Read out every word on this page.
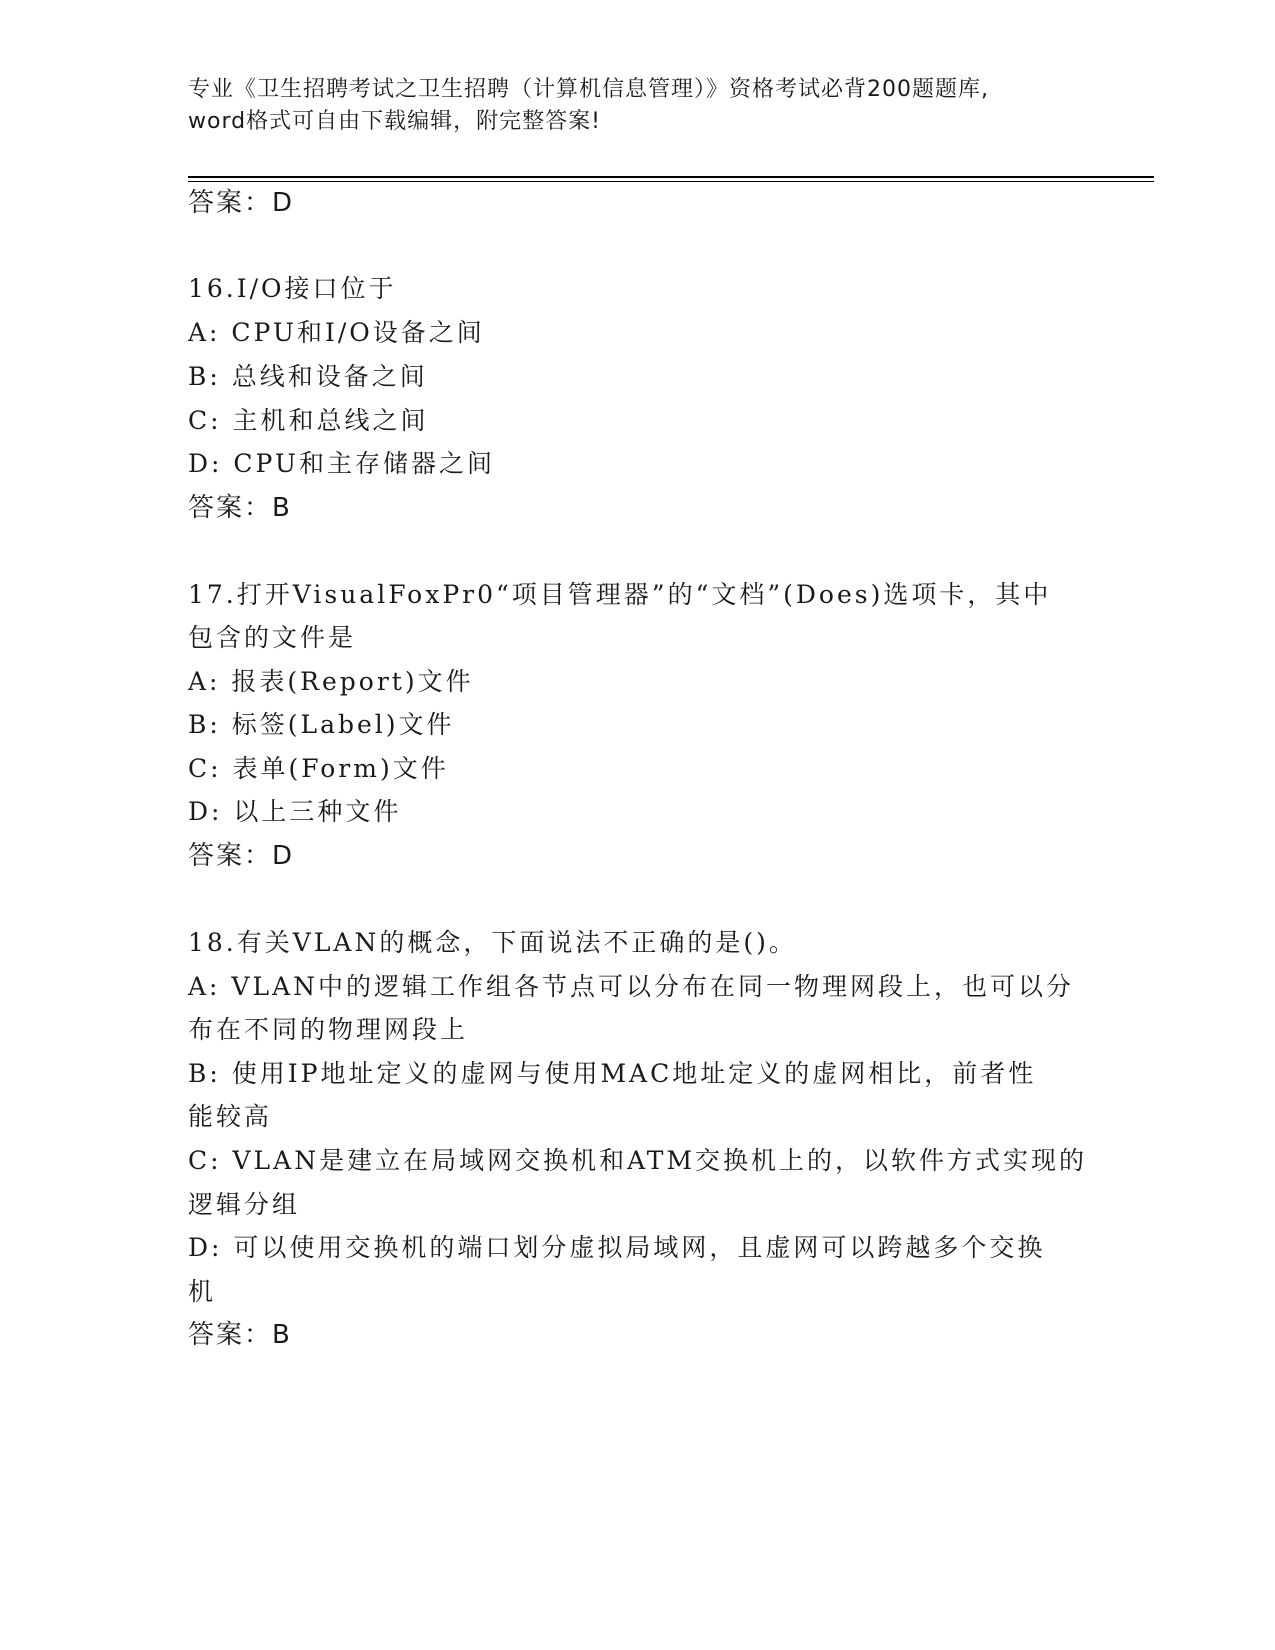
专业《卫生招聘考试之卫生招聘（计算机信息管理）》资格考试必背200题题库,
word格式可自由下载编辑，附完整答案!
答案：D
16.I/O接口位于
A: CPU和I/O设备之间
B: 总线和设备之间
C: 主机和总线之间
D: CPU和主存储器之间
答案：B
17.打开VisualFoxPr0“项目管理器”的“文档”(Does)选项卡，其中
包含的文件是
A: 报表(Report)文件
B: 标签(Label)文件
C: 表单(Form)文件
D: 以上三种文件
答案：D
18.有关VLAN的概念，下面说法不正确的是()。
A: VLAN中的逻辑工作组各节点可以分布在同一物理网段上，也可以分
布在不同的物理网段上
B: 使用IP地址定义的虚网与使用MAC地址定义的虚网相比，前者性
能较高
C: VLAN是建立在局域网交换机和ATM交换机上的，以软件方式实现的
逻辑分组
D: 可以使用交换机的端口划分虚拟局域网，且虚网可以跨越多个交换
机
答案：B
